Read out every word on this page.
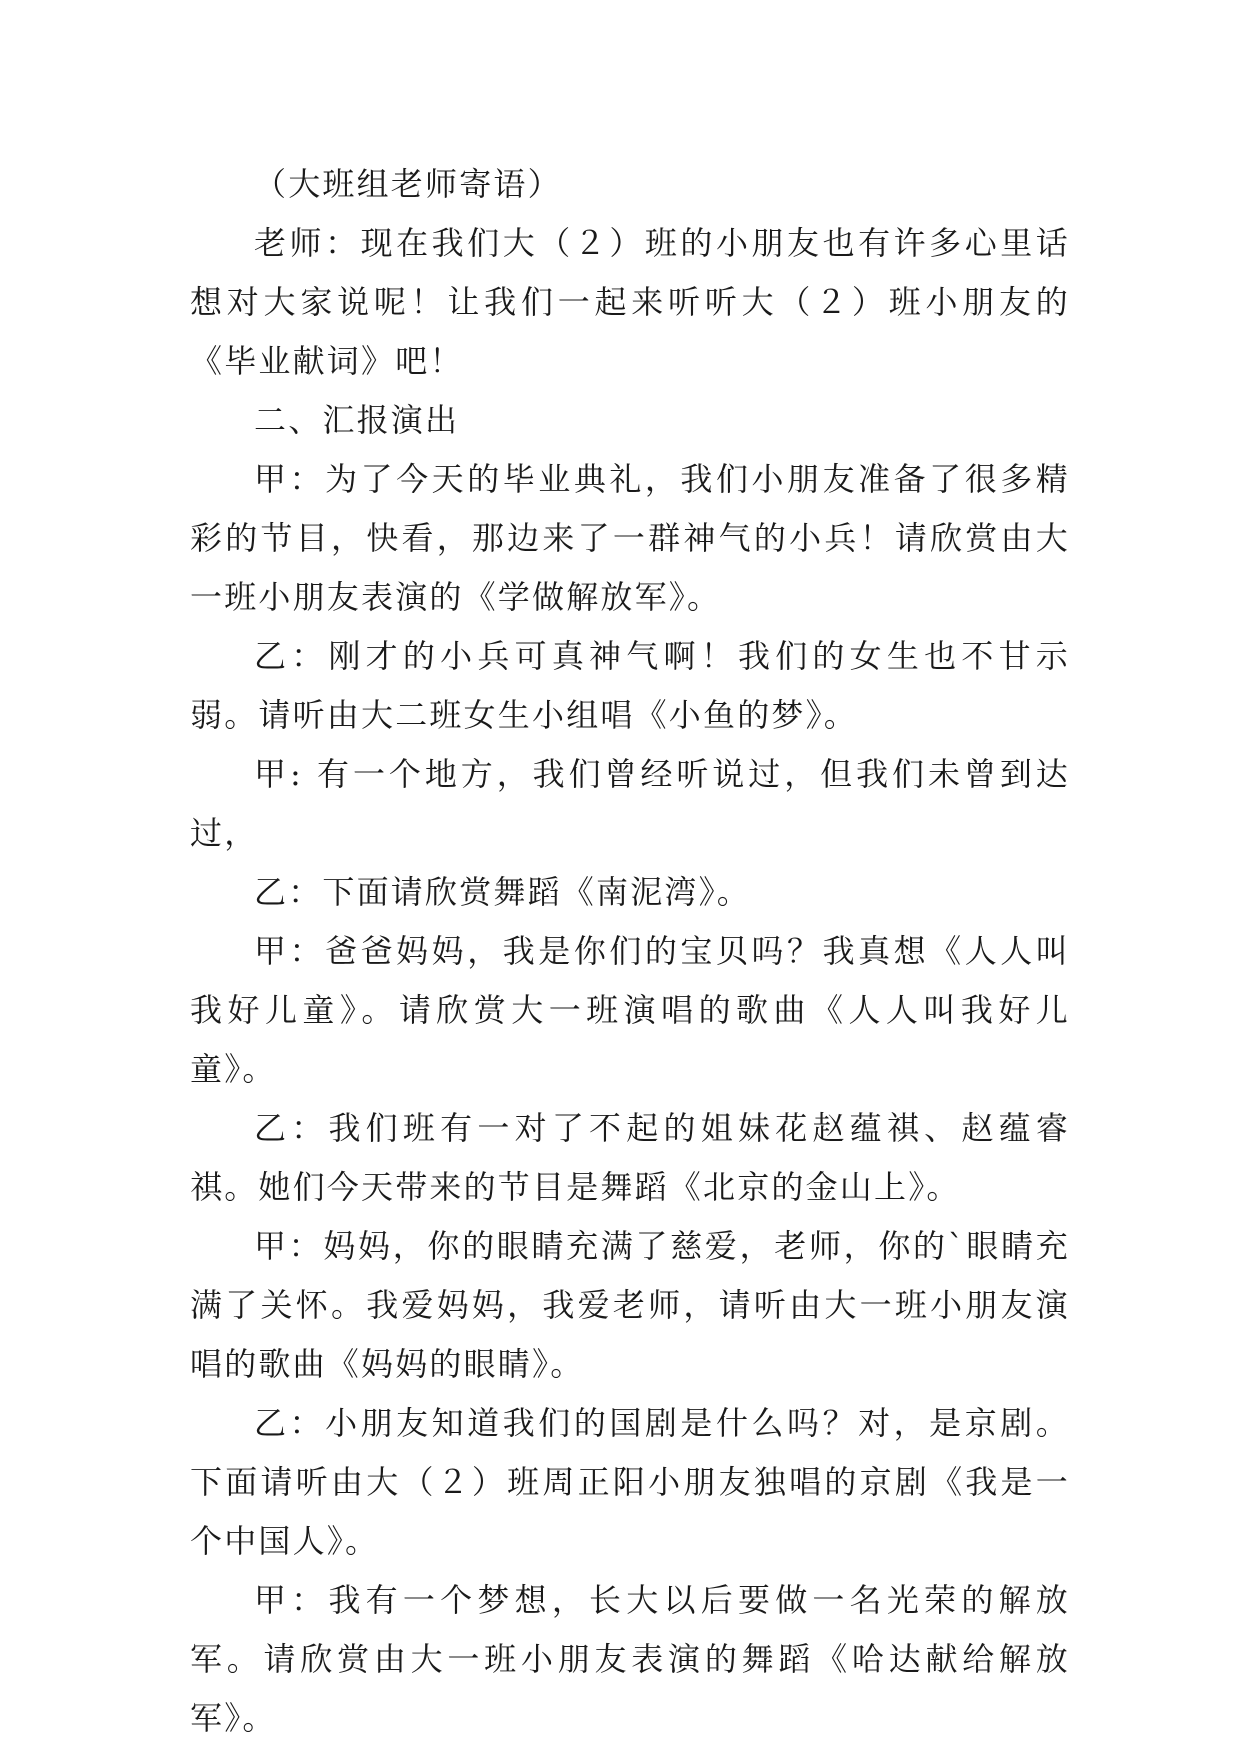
（大班组老师寄语）

老师：现在我们大（２）班的小朋友也有许多心里话想对大家说呢！让我们一起来听听大（２）班小朋友的《毕业献词》吧！

二、汇报演出

甲：为了今天的毕业典礼，我们小朋友准备了很多精彩的节目，快看，那边来了一群神气的小兵！请欣赏由大一班小朋友表演的《学做解放军》。

乙：刚才的小兵可真神气啊！我们的女生也不甘示弱。请听由大二班女生小组唱《小鱼的梦》。

甲: 有一个地方，我们曾经听说过，但我们未曾到达过，

乙：下面请欣赏舞蹈《南泥湾》。

甲：爸爸妈妈，我是你们的宝贝吗？我真想《人人叫我好儿童》。请欣赏大一班演唱的歌曲《人人叫我好儿童》。

乙：我们班有一对了不起的姐妹花赵蕴祺、赵蕴睿祺。她们今天带来的节目是舞蹈《北京的金山上》。

甲：妈妈，你的眼睛充满了慈爱，老师，你的`眼睛充满了关怀。我爱妈妈，我爱老师，请听由大一班小朋友演唱的歌曲《妈妈的眼睛》。

乙：小朋友知道我们的国剧是什么吗？对，是京剧。下面请听由大（２）班周正阳小朋友独唱的京剧《我是一个中国人》。

甲：我有一个梦想，长大以后要做一名光荣的解放军。请欣赏由大一班小朋友表演的舞蹈《哈达献给解放军》。
